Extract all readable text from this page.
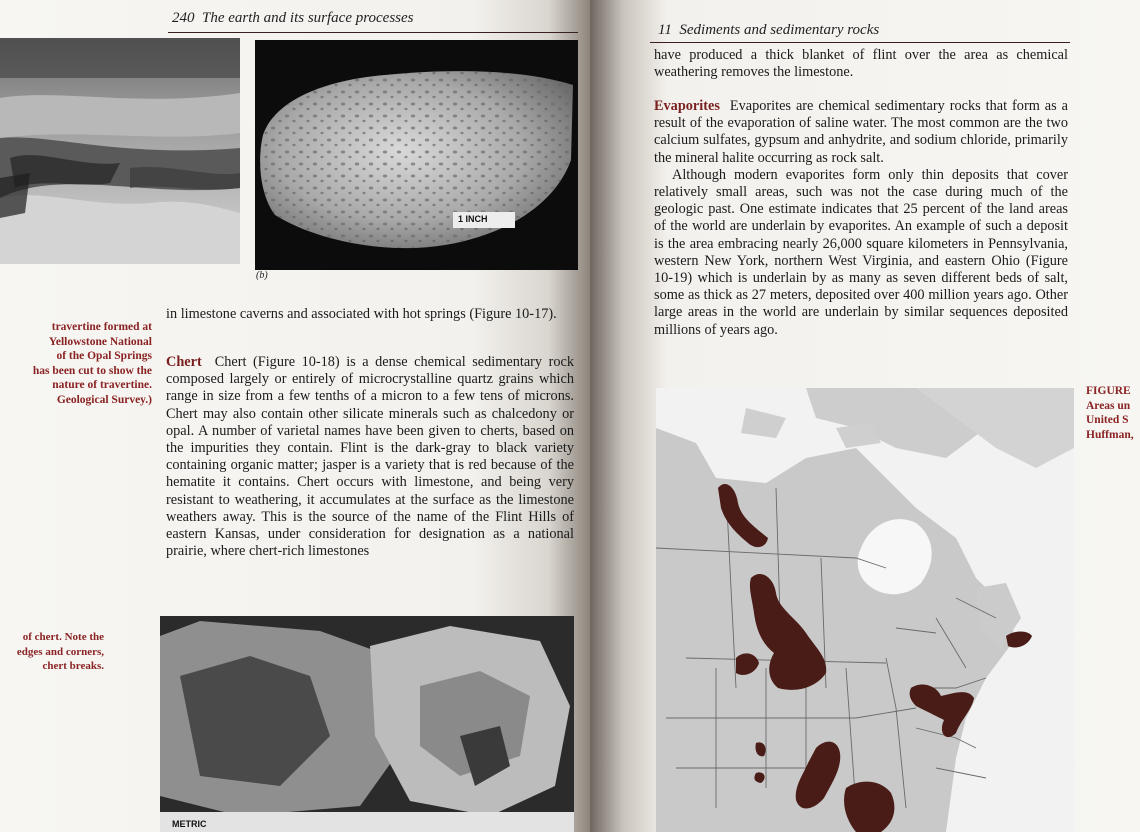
240 The earth and its surface processes
1 INCH
(b)
travertine formed at
Yellowstone National
of the Opal Springs
has been cut to show the
nature of travertine.
Geological Survey.)
of chert. Note the
edges and corners,
chert breaks.

in limestone caverns and associated with hot springs (Figure 10-17).

Chert Chert (Figure 10-18) is a dense chemical sedimentary rock composed largely or entirely of microcrystalline quartz grains which range in size from a few tenths of a micron to a few tens of microns. Chert may also contain other silicate minerals such as chalcedony or opal. A number of varietal names have been given to cherts, based on the impurities they contain. Flint is the dark-gray to black variety containing organic matter; jasper is a variety that is red because of the hematite it contains. Chert occurs with limestone, and being very resistant to weathering, it accumulates at the surface as the limestone weathers away. This is the source of the name of the Flint Hills of eastern Kansas, under consideration for designation as a national prairie, where chert-rich limestones

METRIC
11 Sediments and sedimentary rocks

have produced a thick blanket of flint over the area as chemical weathering removes the limestone.

Evaporites Evaporites are chemical sedimentary rocks that form as a result of the evaporation of saline water. The most common are the two calcium sulfates, gypsum and anhydrite, and sodium chloride, primarily the mineral halite occurring as rock salt.

Although modern evaporites form only thin deposits that cover relatively small areas, such was not the case during much of the geologic past. One estimate indicates that 25 percent of the land areas of the world are underlain by evaporites. An example of such a deposit is the area embracing nearly 26,000 square kilometers in Pennsylvania, western New York, northern West Virginia, and eastern Ohio (Figure 10-19) which is underlain by as many as seven different beds of salt, some as thick as 27 meters, deposited over 400 million years ago. Other large areas in the world are underlain by similar sequences deposited millions of years ago.

FIGURE
Areas un
United S
Huffman,
